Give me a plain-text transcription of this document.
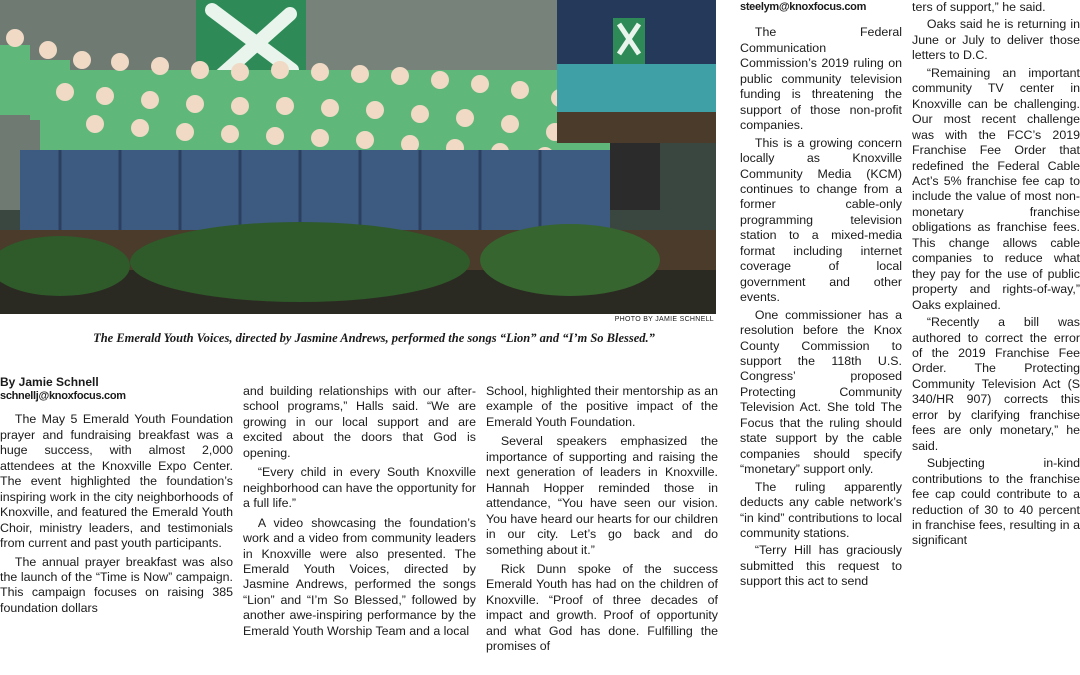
PHOTO BY JAMIE SCHNELL
The Emerald Youth Voices, directed by Jasmine Andrews, performed the songs “Lion” and “I’m So Blessed.”
By Jamie Schnell
schnellj@knoxfocus.com

The May 5 Emerald Youth Foundation prayer and fundraising breakfast was a huge success, with almost 2,000 attendees at the Knoxville Expo Center. The event highlighted the foundation’s inspiring work in the city neighborhoods of Knoxville, and featured the Emerald Youth Choir, ministry leaders, and testimonials from current and past youth participants.

The annual prayer breakfast was also the launch of the “Time is Now” campaign. This campaign focuses on raising 385 foundation dollars

and building relationships with our after-school programs,” Halls said. “We are growing in our local support and are excited about the doors that God is opening.

“Every child in every South Knoxville neighborhood can have the opportunity for a full life.”

A video showcasing the foundation’s work and a video from community leaders in Knoxville were also presented. The Emerald Youth Voices, directed by Jasmine Andrews, performed the songs “Lion” and “I’m So Blessed,” followed by another awe-inspiring performance by the Emerald Youth Worship Team and a local

School, highlighted their mentorship as an example of the positive impact of the Emerald Youth Foundation.

Several speakers emphasized the importance of supporting and raising the next generation of leaders in Knoxville. Hannah Hopper reminded those in attendance, “You have seen our vision. You have heard our hearts for our children in our city. Let’s go back and do something about it.”

Rick Dunn spoke of the success Emerald Youth has had on the children of Knoxville. “Proof of three decades of impact and growth. Proof of opportunity and what God has done. Fulfilling the promises of

steelym@knoxfocus.com

The Federal Communication Commission’s 2019 ruling on public community television funding is threatening the support of those non-profit companies.

This is a growing concern locally as Knoxville Community Media (KCM) continues to change from a former cable-only programming television station to a mixed-media format including internet coverage of local government and other events.

One commissioner has a resolution before the Knox County Commission to support the 118th U.S. Congress’ proposed Protecting Community Television Act. She told The Focus that the ruling should state support by the cable companies should specify “monetary” support only.

The ruling apparently deducts any cable network’s “in kind” contributions to local community stations.

“Terry Hill has graciously submitted this request to support this act to send

ters of support,” he said.

Oaks said he is returning in June or July to deliver those letters to D.C.

“Remaining an important community TV center in Knoxville can be challenging. Our most recent challenge was with the FCC’s 2019 Franchise Fee Order that redefined the Federal Cable Act’s 5% franchise fee cap to include the value of most non-monetary franchise obligations as franchise fees. This change allows cable companies to reduce what they pay for the use of public property and rights-of-way,” Oaks explained.

“Recently a bill was authored to correct the error of the 2019 Franchise Fee Order. The Protecting Community Television Act (S 340/HR 907) corrects this error by clarifying franchise fees are only monetary,” he said.

Subjecting in-kind contributions to the franchise fee cap could contribute to a reduction of 30 to 40 percent in franchise fees, resulting in a significant
